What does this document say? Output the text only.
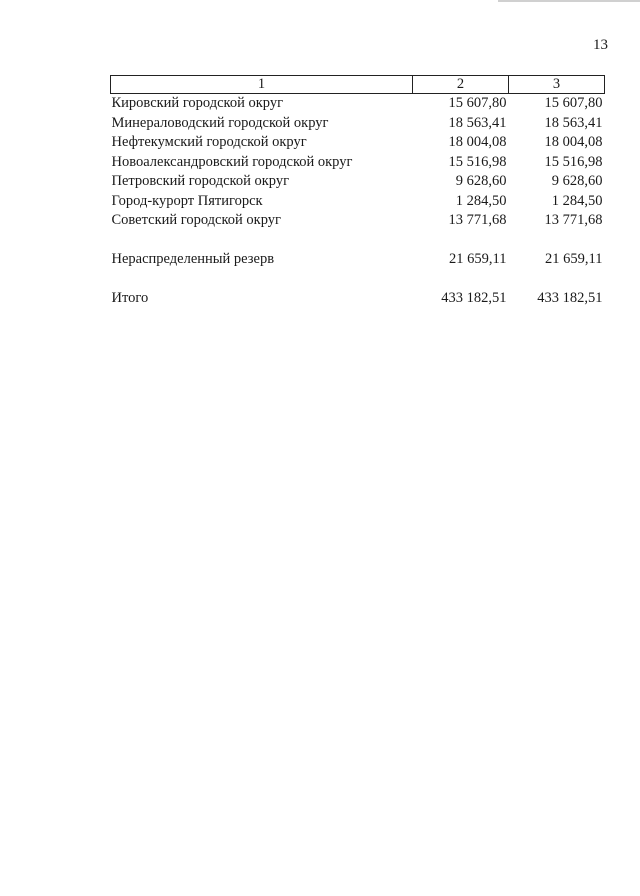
13
1	2	3
Кировский городской округ	15 607,80	15 607,80
Минераловодский городской округ	18 563,41	18 563,41
Нефтекумский городской округ	18 004,08	18 004,08
Новоалександровский городской округ	15 516,98	15 516,98
Петровский городской округ	9 628,60	9 628,60
Город-курорт Пятигорск	1 284,50	1 284,50
Советский городской округ	13 771,68	13 771,68

Нераспределенный резерв	21 659,11	21 659,11

Итого	433 182,51	433 182,51
